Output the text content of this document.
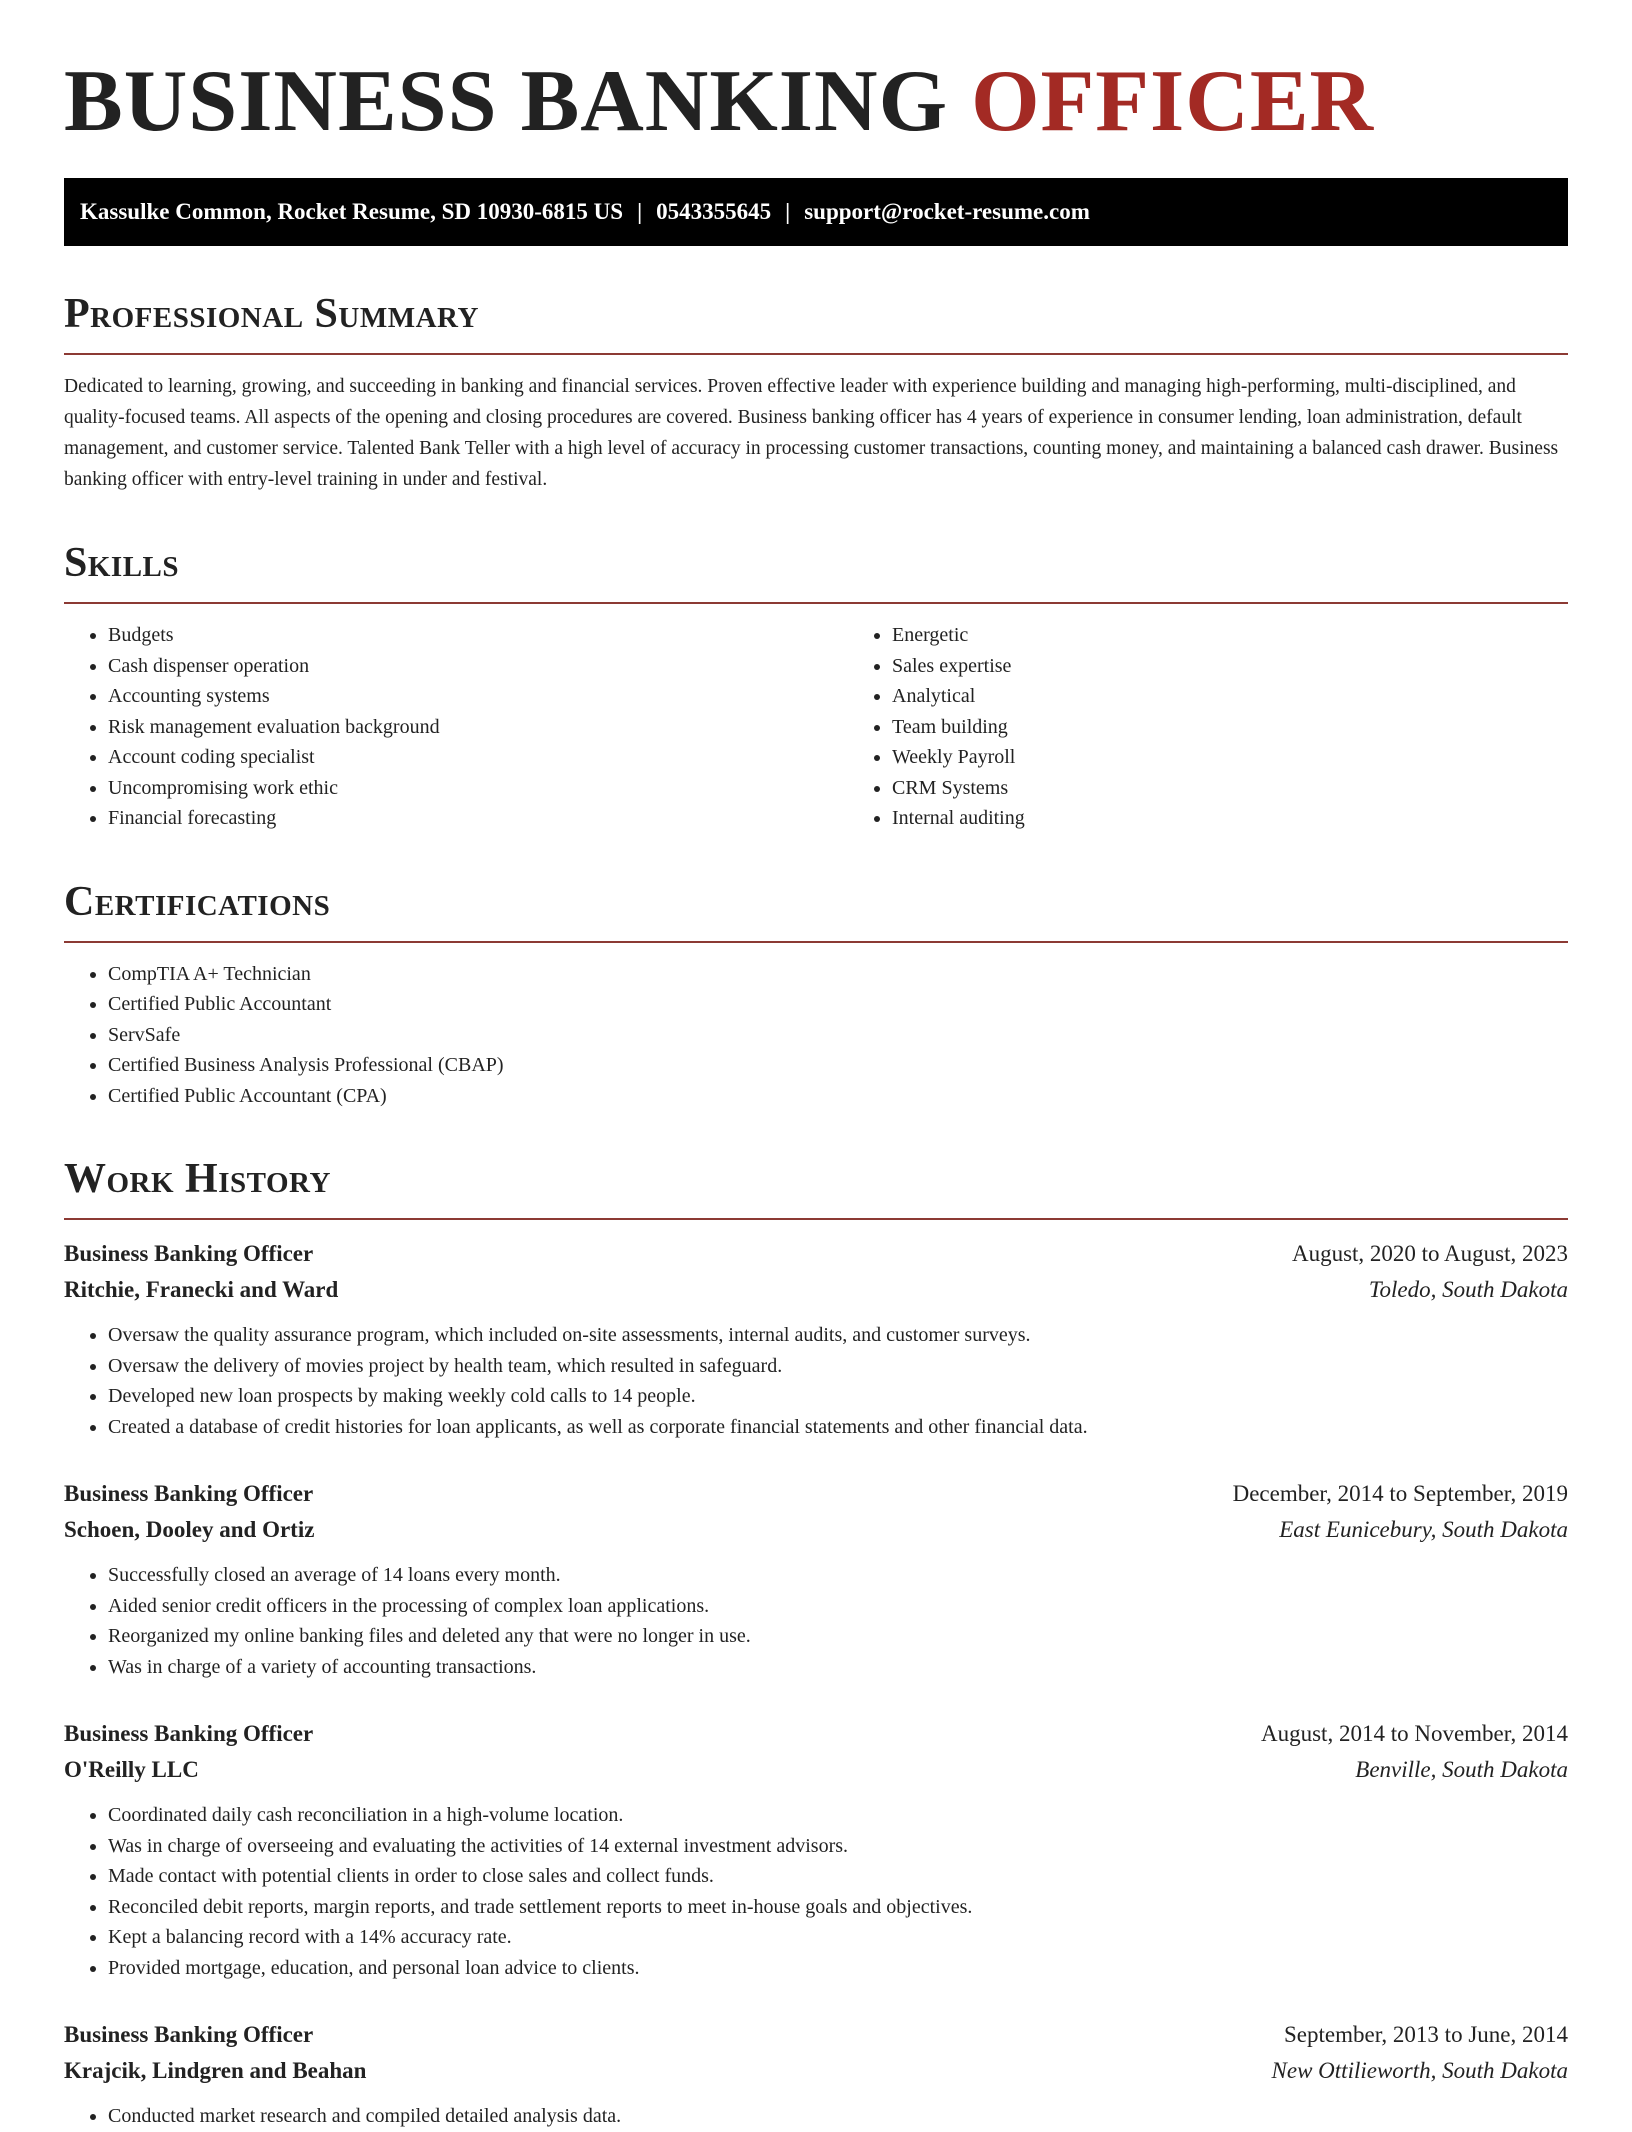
BUSINESS BANKING OFFICER
Kassulke Common, Rocket Resume, SD 10930-6815 US | 0543355645 | support@rocket-resume.com
Professional Summary

Dedicated to learning, growing, and succeeding in banking and financial services. Proven effective leader with experience building and managing high-performing, multi-disciplined, and quality-focused teams. All aspects of the opening and closing procedures are covered. Business banking officer has 4 years of experience in consumer lending, loan administration, default management, and customer service. Talented Bank Teller with a high level of accuracy in processing customer transactions, counting money, and maintaining a balanced cash drawer. Business banking officer with entry-level training in under and festival.

Skills
• Budgets
• Cash dispenser operation
• Accounting systems
• Risk management evaluation background
• Account coding specialist
• Uncompromising work ethic
• Financial forecasting
• Energetic
• Sales expertise
• Analytical
• Team building
• Weekly Payroll
• CRM Systems
• Internal auditing
Certifications
• CompTIA A+ Technician
• Certified Public Accountant
• ServSafe
• Certified Business Analysis Professional (CBAP)
• Certified Public Accountant (CPA)
Work History
Business Banking Officer	August, 2020 to August, 2023
Ritchie, Franecki and Ward	Toledo, South Dakota
• Oversaw the quality assurance program, which included on-site assessments, internal audits, and customer surveys.
• Oversaw the delivery of movies project by health team, which resulted in safeguard.
• Developed new loan prospects by making weekly cold calls to 14 people.
• Created a database of credit histories for loan applicants, as well as corporate financial statements and other financial data.
Business Banking Officer	December, 2014 to September, 2019
Schoen, Dooley and Ortiz	East Eunicebury, South Dakota
• Successfully closed an average of 14 loans every month.
• Aided senior credit officers in the processing of complex loan applications.
• Reorganized my online banking files and deleted any that were no longer in use.
• Was in charge of a variety of accounting transactions.
Business Banking Officer	August, 2014 to November, 2014
O'Reilly LLC	Benville, South Dakota
• Coordinated daily cash reconciliation in a high-volume location.
• Was in charge of overseeing and evaluating the activities of 14 external investment advisors.
• Made contact with potential clients in order to close sales and collect funds.
• Reconciled debit reports, margin reports, and trade settlement reports to meet in-house goals and objectives.
• Kept a balancing record with a 14% accuracy rate.
• Provided mortgage, education, and personal loan advice to clients.
Business Banking Officer	September, 2013 to June, 2014
Krajcik, Lindgren and Beahan	New Ottilieworth, South Dakota
• Conducted market research and compiled detailed analysis data.
